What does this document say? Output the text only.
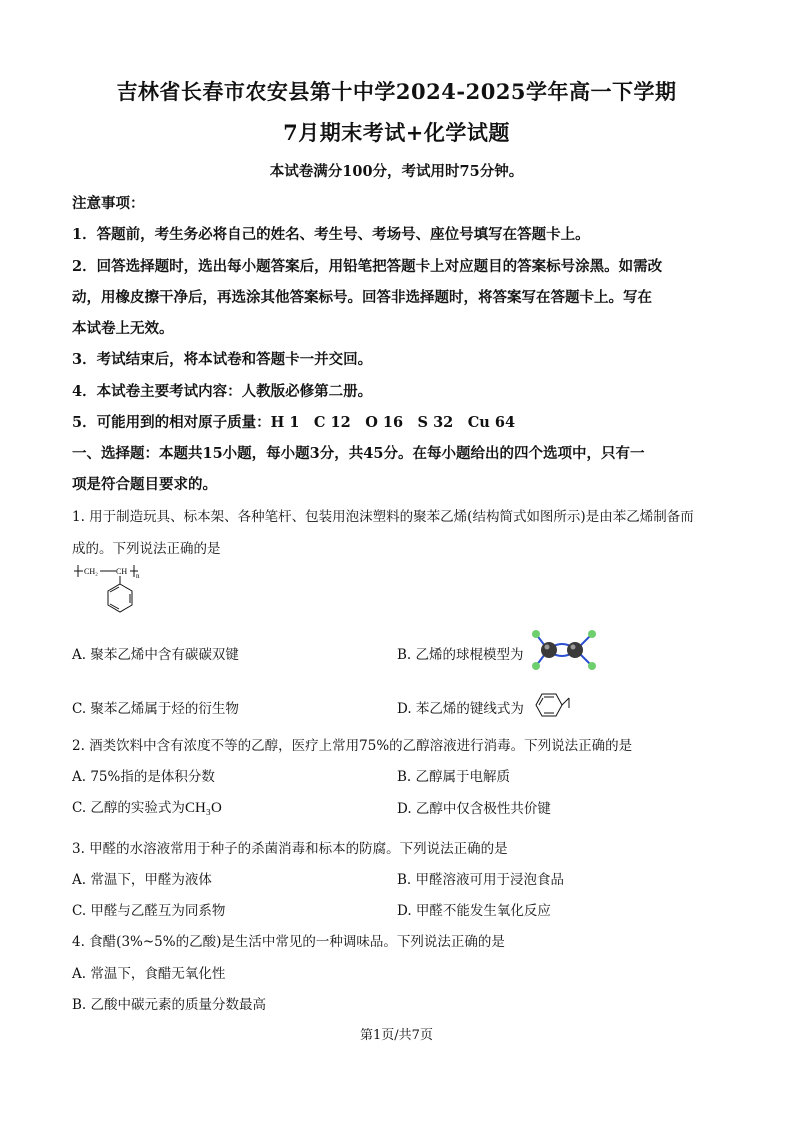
吉林省长春市农安县第十中学2024-2025学年高一下学期
7月期末考试+化学试题
本试卷满分100分，考试用时75分钟。
注意事项：
1．答题前，考生务必将自己的姓名、考生号、考场号、座位号填写在答题卡上。
2．回答选择题时，选出每小题答案后，用铅笔把答题卡上对应题目的答案标号涂黑。如需改
动，用橡皮擦干净后，再选涂其他答案标号。回答非选择题时，将答案写在答题卡上。写在
本试卷上无效。
3．考试结束后，将本试卷和答题卡一并交回。
4．本试卷主要考试内容：人教版必修第二册。
5．可能用到的相对原子质量：H 1　C 12　O 16　S 32　Cu 64
一、选择题：本题共15小题，每小题3分，共45分。在每小题给出的四个选项中，只有一
项是符合题目要求的。
1. 用于制造玩具、标本架、各种笔杆、包装用泡沫塑料的聚苯乙烯(结构简式如图所示)是由苯乙烯制备而
成的。下列说法正确的是
CH₂ CH n
A. 聚苯乙烯中含有碳碳双键	B. 乙烯的球棍模型为
C. 聚苯乙烯属于烃的衍生物	D. 苯乙烯的键线式为
2. 酒类饮料中含有浓度不等的乙醇，医疗上常用75%的乙醇溶液进行消毒。下列说法正确的是
A. 75%指的是体积分数	B. 乙醇属于电解质
C. 乙醇的实验式为CH₃O	D. 乙醇中仅含极性共价键
3. 甲醛的水溶液常用于种子的杀菌消毒和标本的防腐。下列说法正确的是
A. 常温下，甲醛为液体	B. 甲醛溶液可用于浸泡食品
C. 甲醛与乙醛互为同系物	D. 甲醛不能发生氧化反应
4. 食醋(3%~5%的乙酸)是生活中常见的一种调味品。下列说法正确的是
A. 常温下，食醋无氧化性
B. 乙酸中碳元素的质量分数最高
第1页/共7页
